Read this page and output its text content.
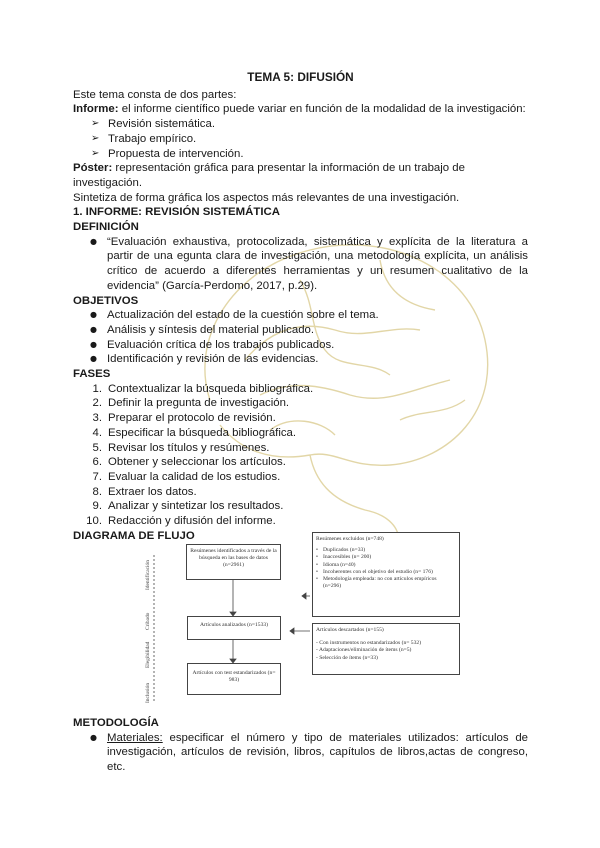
TEMA 5: DIFUSIÓN

Este tema consta de dos partes:

Informe: el informe científico puede variar en función de la modalidad de la investigación:

➢ Revisión sistemática.
➢ Trabajo empírico.
➢ Propuesta de intervención.

Póster: representación gráfica para presentar la información de un trabajo de investigación.

Sintetiza de forma gráfica los aspectos más relevantes de una investigación.

1. INFORME: REVISIÓN SISTEMÁTICA

DEFINICIÓN

● “Evaluación exhaustiva, protocolizada, sistemática y explícita de la literatura a partir de una egunta clara de investigación, una metodología explícita, un análisis crítico de acuerdo a diferentes herramientas y un resumen cualitativo de la evidencia” (García-Perdomo, 2017, p.29).

OBJETIVOS

● Actualización del estado de la cuestión sobre el tema.
● Análisis y síntesis del material publicado.
● Evaluación crítica de los trabajos publicados.
● Identificación y revisión de las evidencias.

FASES

1. Contextualizar la búsqueda bibliográfica.
2. Definir la pregunta de investigación.
3. Preparar el protocolo de revisión.
4. Especificar la búsqueda bibliográfica.
5. Revisar los títulos y resúmenes.
6. Obtener y seleccionar los artículos.
7. Evaluar la calidad de los estudios.
8. Extraer los datos.
9. Analizar y sintetizar los resultados.
10. Redacción y difusión del informe.

DIAGRAMA DE FLUJO

Identificación
Cribado
Elegibilidad
Inclusión
Resúmenes identificados a través de la búsqueda en las bases de datos (n=2961)
Artículos analizados (n=1533)
Artículos con test estandarizados (n= 983)
Resúmenes excluidos (n=748)
• Duplicados (n=33)
• Inaccesibles (n= 200)
• Idioma (n=40)
• Incoherentes con el objetivo del estudio (n= 176)
• Metodología empleada: no con artículos empíricos (n=296)
Artículos descartados (n=155)
- Con instrumentos no estandarizados (n= 532)
- Adaptaciones/eliminación de ítems (n=5)
- Selección de ítems (n=33)

METODOLOGÍA

● Materiales: especificar el número y tipo de materiales utilizados: artículos de investigación, artículos de revisión, libros, capítulos de libros,actas de congreso, etc.
